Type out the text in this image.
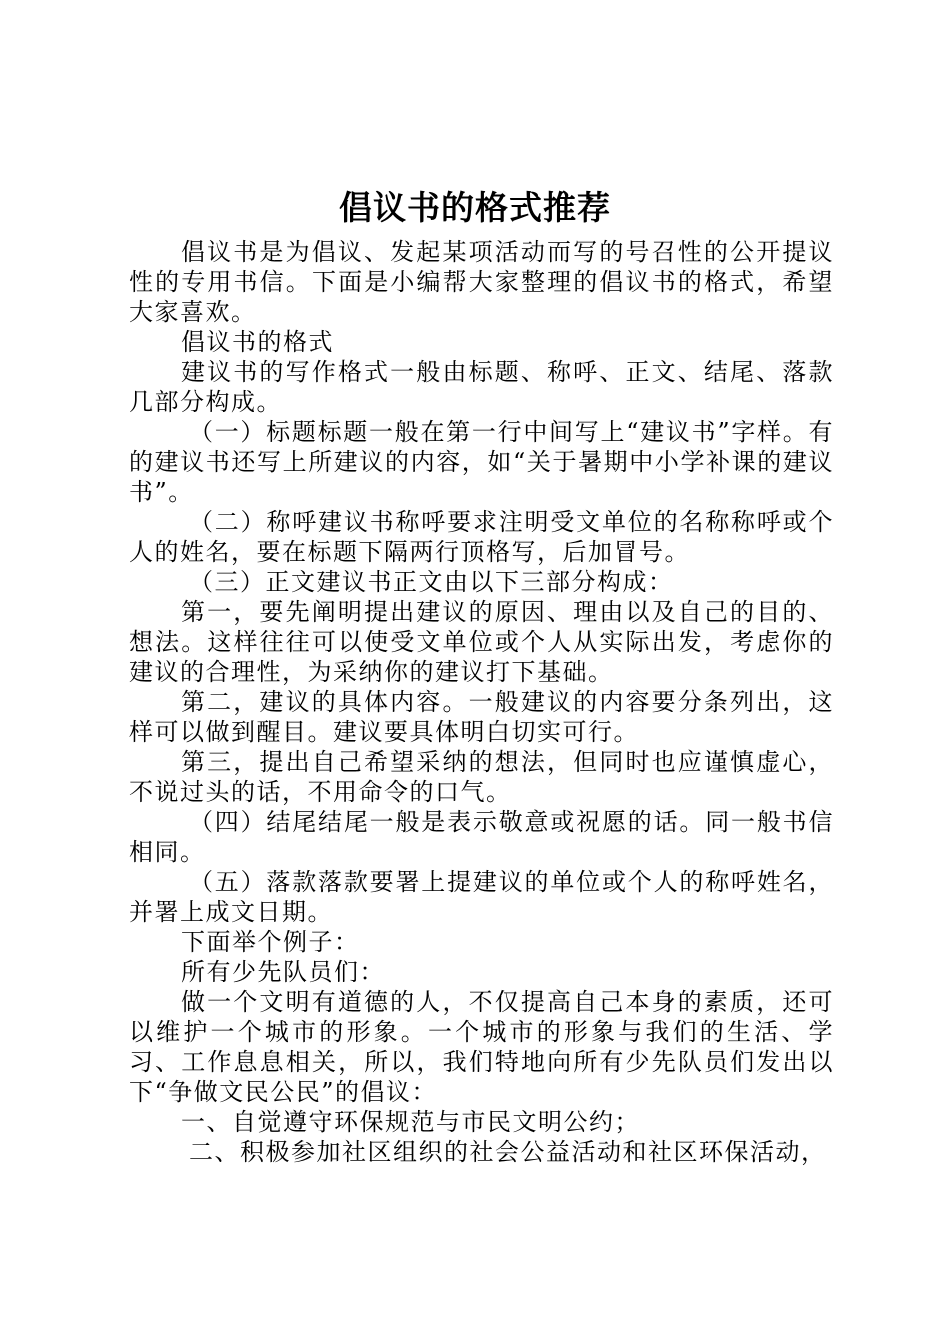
倡议书的格式推荐

倡议书是为倡议、发起某项活动而写的号召性的公开提议性的专用书信。下面是小编帮大家整理的倡议书的格式，希望大家喜欢。

倡议书的格式

建议书的写作格式一般由标题、称呼、正文、结尾、落款几部分构成。

（一）标题标题一般在第一行中间写上“建议书”字样。有的建议书还写上所建议的内容，如“关于暑期中小学补课的建议书”。

（二）称呼建议书称呼要求注明受文单位的名称称呼或个人的姓名，要在标题下隔两行顶格写，后加冒号。

（三）正文建议书正文由以下三部分构成：

第一，要先阐明提出建议的原因、理由以及自己的目的、想法。这样往往可以使受文单位或个人从实际出发，考虑你的建议的合理性，为采纳你的建议打下基础。

第二，建议的具体内容。一般建议的内容要分条列出，这样可以做到醒目。建议要具体明白切实可行。

第三，提出自己希望采纳的想法，但同时也应谨慎虚心，不说过头的话，不用命令的口气。

（四）结尾结尾一般是表示敬意或祝愿的话。同一般书信相同。

（五）落款落款要署上提建议的单位或个人的称呼姓名，并署上成文日期。

下面举个例子：

所有少先队员们：

做一个文明有道德的人，不仅提高自己本身的素质，还可以维护一个城市的形象。一个城市的形象与我们的生活、学习、工作息息相关，所以，我们特地向所有少先队员们发出以下“争做文民公民”的倡议：

一、自觉遵守环保规范与市民文明公约；

二、积极参加社区组织的社会公益活动和社区环保活动，
